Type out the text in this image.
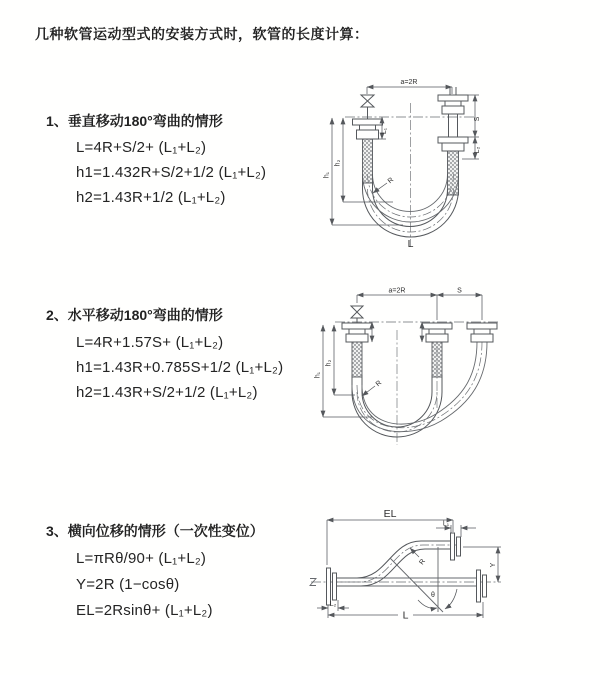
几种软管运动型式的安装方式时，软管的长度计算：
1、垂直移动180°弯曲的情形
L=4R+S/2+ (L₁+L₂)
h1=1.432R+S/2+1/2 (L₁+L₂)
h2=1.43R+1/2 (L₁+L₂)
2、水平移动180°弯曲的情形
L=4R+1.57S+ (L₁+L₂)
h1=1.43R+0.785S+1/2 (L₁+L₂)
h2=1.43R+S/2+1/2 (L₁+L₂)
3、横向位移的情形（一次性变位）
L=πRθ/90+ (L₁+L₂)
Y=2R (1−cosθ)
EL=2Rsinθ+ (L₁+L₂)
a=2R
L₁
S
L₂
h₁
h₂
R
L
a=2R	S
h₁
h₂
R
θ
EL
L₁
Y
L₂
L
R
